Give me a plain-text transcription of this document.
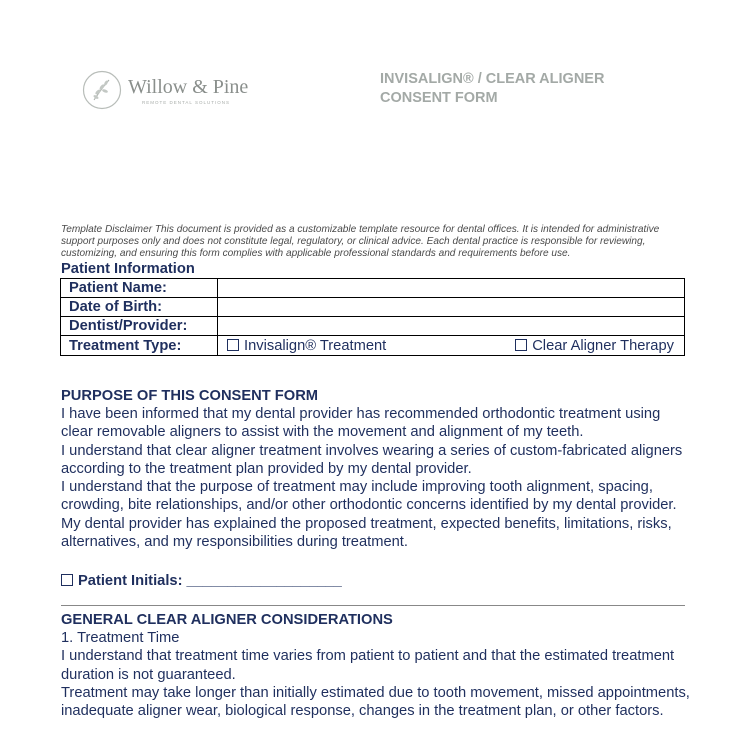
Willow & Pine
REMOTE DENTAL SOLUTIONS
INVISALIGN® / CLEAR ALIGNER
CONSENT FORM
Template Disclaimer This document is provided as a customizable template resource for dental offices. It is intended for administrative support purposes only and does not constitute legal, regulatory, or clinical advice. Each dental practice is responsible for reviewing, customizing, and ensuring this form complies with applicable professional standards and requirements before use.
Patient Information
Patient Name:	
Date of Birth:	
Dentist/Provider:	
Treatment Type:	Invisalign® Treatment Clear Aligner Therapy
PURPOSE OF THIS CONSENT FORM

I have been informed that my dental provider has recommended orthodontic treatment using clear removable aligners to assist with the movement and alignment of my teeth.

I understand that clear aligner treatment involves wearing a series of custom-fabricated aligners according to the treatment plan provided by my dental provider.

I understand that the purpose of treatment may include improving tooth alignment, spacing, crowding, bite relationships, and/or other orthodontic concerns identified by my dental provider.

My dental provider has explained the proposed treatment, expected benefits, limitations, risks, alternatives, and my responsibilities during treatment.

Patient Initials: ___________________
GENERAL CLEAR ALIGNER CONSIDERATIONS

1. Treatment Time

I understand that treatment time varies from patient to patient and that the estimated treatment duration is not guaranteed.

Treatment may take longer than initially estimated due to tooth movement, missed appointments, inadequate aligner wear, biological response, changes in the treatment plan, or other factors.
